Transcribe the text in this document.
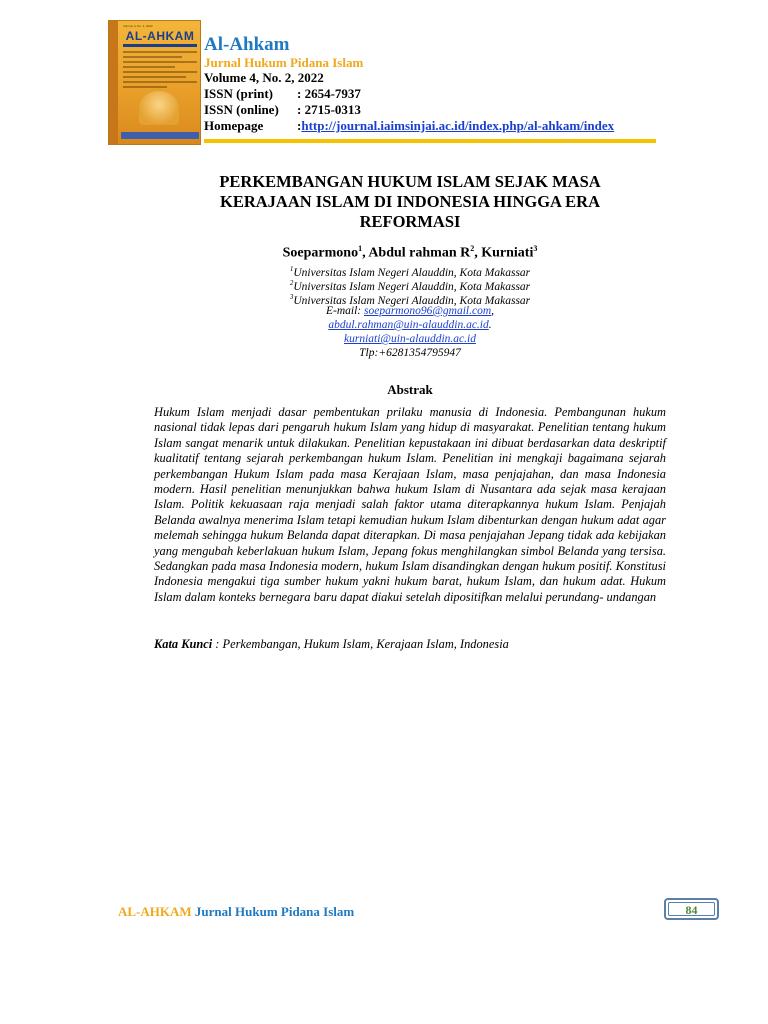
Volume 4, No. 2, 2022
AL-AHKAM Al-Ahkam
Jurnal Hukum Pidana Islam
Volume 4, No. 2, 2022
ISSN (print) : 2654-7937
ISSN (online) : 2715-0313
Homepage	:http://journal.iaimsinjai.ac.id/index.php/al-ahkam/index
PERKEMBANGAN HUKUM ISLAM SEJAK MASA
KERAJAAN ISLAM DI INDONESIA HINGGA ERA
REFORMASI
Soeparmono$^1$, Abdul rahman $R^2$, Kurniati$^3$
$^1$Universitas Islam Negeri Alauddin, Kota Makassar
$^2$Universitas Islam Negeri Alauddin, Kota Makassar
$^3$Universitas Islam Negeri Alauddin, Kota Makassar
E-mail: soeparmono96@gmail.com,
abdul.rahman@uin-alauddin.ac.id.
kurniati@uin-alauddin.ac.id
Tlp:+6281354795947
Abstrak

Hukum Islam menjadi dasar pembentukan prilaku manusia di Indonesia. Pembangunan hukum nasional tidak lepas dari pengaruh hukum Islam yang hidup di masyarakat. Penelitian tentang hukum Islam sangat menarik untuk dilakukan. Penelitian kepustakaan ini dibuat berdasarkan data deskriptif kualitatif tentang sejarah perkembangan hukum Islam. Penelitian ini mengkaji bagaimana sejarah perkembangan Hukum Islam pada masa Kerajaan Islam, masa penjajahan, dan masa Indonesia modern. Hasil penelitian menunjukkan bahwa hukum Islam di Nusantara ada sejak masa kerajaan Islam. Politik kekuasaan raja menjadi salah faktor utama diterapkannya hukum Islam. Penjajah Belanda awalnya menerima Islam tetapi kemudian hukum Islam dibenturkan dengan hukum adat agar melemah sehingga hukum Belanda dapat diterapkan. Di masa penjajahan Jepang tidak ada kebijakan yang mengubah keberlakuan hukum Islam, Jepang fokus menghilangkan simbol Belanda yang tersisa. Sedangkan pada masa Indonesia modern, hukum Islam disandingkan dengan hukum positif. Konstitusi Indonesia mengakui tiga sumber hukum yakni hukum barat, hukum Islam, dan hukum adat. Hukum Islam dalam konteks bernegara baru dapat diakui setelah dipositifkan melalui perundang- undangan

Kata Kunci : Perkembangan, Hukum Islam, Kerajaan Islam, Indonesia
AL-AHKAM Jurnal Hukum Pidana Islam	84
